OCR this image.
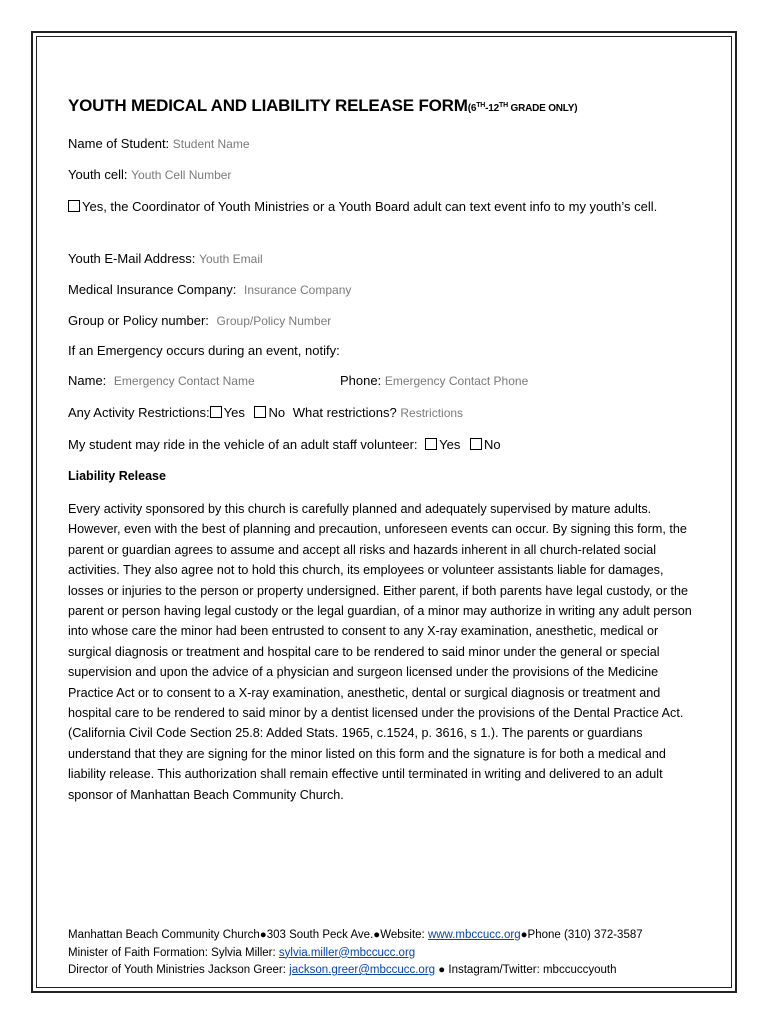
YOUTH MEDICAL AND LIABILITY RELEASE FORM(6TH-12TH GRADE ONLY)
Name of Student: Student Name
Youth cell: Youth Cell Number
Yes, the Coordinator of Youth Ministries or a Youth Board adult can text event info to my youth’s cell.
Youth E-Mail Address: Youth Email
Medical Insurance Company: Insurance Company
Group or Policy number: Group/Policy Number
If an Emergency occurs during an event, notify:
Name: Emergency Contact Name	Phone: Emergency Contact Phone
Any Activity Restrictions: Yes No What restrictions? Restrictions
My student may ride in the vehicle of an adult staff volunteer: Yes No
Liability Release
Every activity sponsored by this church is carefully planned and adequately supervised by mature adults. However, even with the best of planning and precaution, unforeseen events can occur. By signing this form, the parent or guardian agrees to assume and accept all risks and hazards inherent in all church-related social activities. They also agree not to hold this church, its employees or volunteer assistants liable for damages, losses or injuries to the person or property undersigned. Either parent, if both parents have legal custody, or the parent or person having legal custody or the legal guardian, of a minor may authorize in writing any adult person into whose care the minor had been entrusted to consent to any X-ray examination, anesthetic, medical or surgical diagnosis or treatment and hospital care to be rendered to said minor under the general or special supervision and upon the advice of a physician and surgeon licensed under the provisions of the Medicine Practice Act or to consent to a X-ray examination, anesthetic, dental or surgical diagnosis or treatment and hospital care to be rendered to said minor by a dentist licensed under the provisions of the Dental Practice Act. (California Civil Code Section 25.8: Added Stats. 1965, c.1524, p. 3616, s 1.). The parents or guardians understand that they are signing for the minor listed on this form and the signature is for both a medical and liability release. This authorization shall remain effective until terminated in writing and delivered to an adult sponsor of Manhattan Beach Community Church.
Manhattan Beach Community Church●303 South Peck Ave.●Website: www.mbccucc.org●Phone (310) 372-3587
Minister of Faith Formation: Sylvia Miller: sylvia.miller@mbccucc.org
Director of Youth Ministries Jackson Greer: jackson.greer@mbccucc.org ● Instagram/Twitter: mbccuccyouth
